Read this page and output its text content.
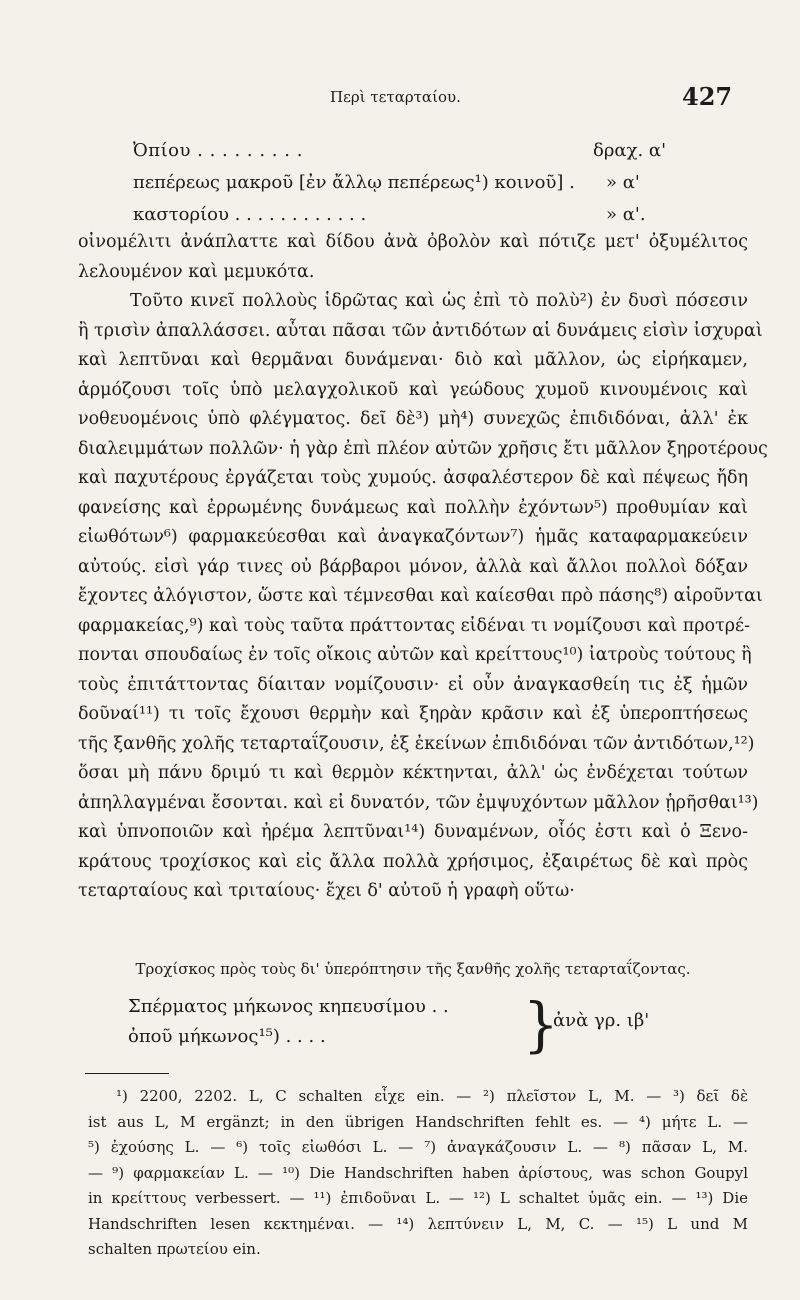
Περὶ τεταρταίου.	427
Ὀπίου . . . . . . . . .	δραχ. α'
πεπέρεως μακροῦ [ἐν ἄλλῳ πεπέρεως¹) κοινοῦ] . » α'
καστορίου . . . . . . . . . . . .	» α'.
οἰνομέλιτι ἀνάπλαττε καὶ δίδου ἀνὰ ὀβολὸν καὶ πότιζε μετ' ὀξυμέλιτος
λελουμένον καὶ μεμυκότα.
Τοῦτο κινεῖ πολλοὺς ἱδρῶτας καὶ ὡς ἐπὶ τὸ πολὺ²) ἐν δυσὶ πόσεσιν
ἢ τρισὶν ἀπαλλάσσει. αὗται πᾶσαι τῶν ἀντιδότων αἱ δυνάμεις εἰσὶν ἰσχυραὶ
καὶ λεπτῦναι καὶ θερμᾶναι δυνάμεναι· διὸ καὶ μᾶλλον, ὡς εἰρήκαμεν,
ἁρμόζουσι τοῖς ὑπὸ μελαγχολικοῦ καὶ γεώδους χυμοῦ κινουμένοις καὶ
νοθευομένοις ὑπὸ φλέγματος. δεῖ δὲ³) μὴ⁴) συνεχῶς ἐπιδιδόναι, ἀλλ' ἐκ
διαλειμμάτων πολλῶν· ἡ γὰρ ἐπὶ πλέον αὐτῶν χρῆσις ἔτι μᾶλλον ξηροτέρους
καὶ παχυτέρους ἐργάζεται τοὺς χυμούς. ἀσφαλέστερον δὲ καὶ πέψεως ἤδη
φανείσης καὶ ἐρρωμένης δυνάμεως καὶ πολλὴν ἐχόντων⁵) προθυμίαν καὶ
εἰωθότων⁶) φαρμακεύεσθαι καὶ ἀναγκαζόντων⁷) ἡμᾶς καταφαρμακεύειν
αὐτούς. εἰσὶ γάρ τινες οὐ βάρβαροι μόνον, ἀλλὰ καὶ ἄλλοι πολλοὶ δόξαν
ἔχοντες ἀλόγιστον, ὥστε καὶ τέμνεσθαι καὶ καίεσθαι πρὸ πάσης⁸) αἱροῦνται
φαρμακείας,⁹) καὶ τοὺς ταῦτα πράττοντας εἰδέναι τι νομίζουσι καὶ προτρέ-
πονται σπουδαίως ἐν τοῖς οἴκοις αὐτῶν καὶ κρείττους¹⁰) ἰατροὺς τούτους ἢ
τοὺς ἐπιτάττοντας δίαιταν νομίζουσιν· εἰ οὖν ἀναγκασθείη τις ἐξ ἡμῶν
δοῦναί¹¹) τι τοῖς ἔχουσι θερμὴν καὶ ξηρὰν κρᾶσιν καὶ ἐξ ὑπεροπτήσεως
τῆς ξανθῆς χολῆς τεταρταΐζουσιν, ἐξ ἐκείνων ἐπιδιδόναι τῶν ἀντιδότων,¹²)
ὅσαι μὴ πάνυ δριμύ τι καὶ θερμὸν κέκτηνται, ἀλλ' ὡς ἐνδέχεται τούτων
ἀπηλλαγμέναι ἔσονται. καὶ εἰ δυνατόν, τῶν ἐμψυχόντων μᾶλλον ᾑρῆσθαι¹³)
καὶ ὑπνοποιῶν καὶ ἠρέμα λεπτῦναι¹⁴) δυναμένων, οἷός ἐστι καὶ ὁ Ξενο-
κράτους τροχίσκος καὶ εἰς ἄλλα πολλὰ χρήσιμος, ἐξαιρέτως δὲ καὶ πρὸς
τεταρταίους καὶ τριταίους· ἔχει δ' αὐτοῦ ἡ γραφὴ οὕτω·
Τροχίσκος πρὸς τοὺς δι' ὑπερόπτησιν τῆς ξανθῆς χολῆς τεταρταΐζοντας.
Σπέρματος μήκωνος κηπευσίμου . .
ὀποῦ μήκωνος¹⁵) . . . .	}
ἀνὰ γρ. ιβ'
¹) 2200, 2202. L, C schalten εἶχε ein. — ²) πλεῖστον L, M. — ³) δεῖ δὲ
ist aus L, M ergänzt; in den übrigen Handschriften fehlt es. — ⁴) μήτε L. —
⁵) ἐχούσης L. — ⁶) τοῖς εἰωθόσι L. — ⁷) ἀναγκάζουσιν L. — ⁸) πᾶσαν L, M.
— ⁹) φαρμακείαν L. — ¹⁰) Die Handschriften haben ἀρίστους, was schon Goupyl
in κρείττους verbessert. — ¹¹) ἐπιδοῦναι L. — ¹²) L schaltet ὑμᾶς ein. — ¹³) Die
Handschriften lesen κεκτημέναι. — ¹⁴) λεπτύνειν L, M, C. — ¹⁵) L und M
schalten πρωτείου ein.
